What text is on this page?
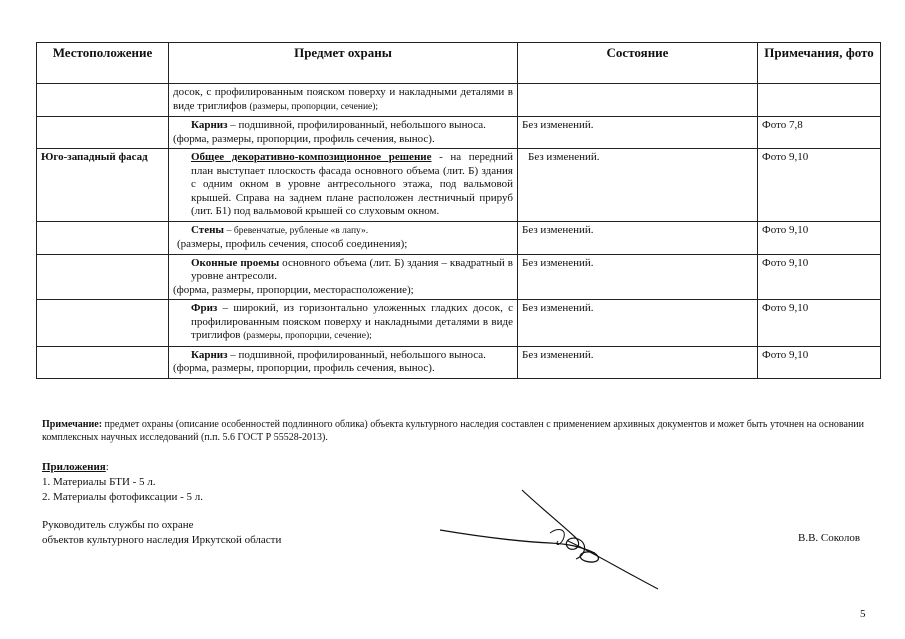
Местоположение	Предмет охраны	Состояние	Примечания, фото
	досок, с профилированным пояском поверху и накладными деталями в виде триглифов (размеры, пропорции, сечение);		

	Карниз – подшивной, профилированный, небольшого выноса.
(форма, размеры, пропорции, профиль сечения, вынос).	Без изменений.	Фото 7,8
Юго-западный фасад	Общее декоративно-композиционное решение - на передний план выступает плоскость фасада основного объема (лит. Б) здания с одним окном в уровне антресольного этажа, под вальмовой крышей. Справа на заднем плане расположен лестничный прируб (лит. Б1) под вальмовой крышей со слуховым окном.	Без изменений.	Фото 9,10

	Стены – бревенчатые, рубленые «в лапу».
(размеры, профиль сечения, способ соединения);	Без изменений.	Фото 9,10

	Оконные проемы основного объема (лит. Б) здания – квадратный в уровне антресоли.
(форма, размеры, пропорции, месторасположение);	Без изменений.	Фото 9,10

	Фриз – широкий, из горизонтально уложенных гладких досок, с профилированным пояском поверху и накладными деталями в виде триглифов (размеры, пропорции, сечение);	Без изменений.	Фото 9,10

	Карниз – подшивной, профилированный, небольшого выноса.
(форма, размеры, пропорции, профиль сечения, вынос).	Без изменений.	Фото 9,10
Примечание: предмет охраны (описание особенностей подлинного облика) объекта культурного наследия составлен с применением архивных документов и может быть уточнен на основании комплексных научных исследований (п.п. 5.6 ГОСТ Р 55528-2013).
Приложения:
1. Материалы БТИ - 5 л.
2. Материалы фотофиксации - 5 л.
Руководитель службы по охране
объектов культурного наследия Иркутской области	В.В. Соколов
5
